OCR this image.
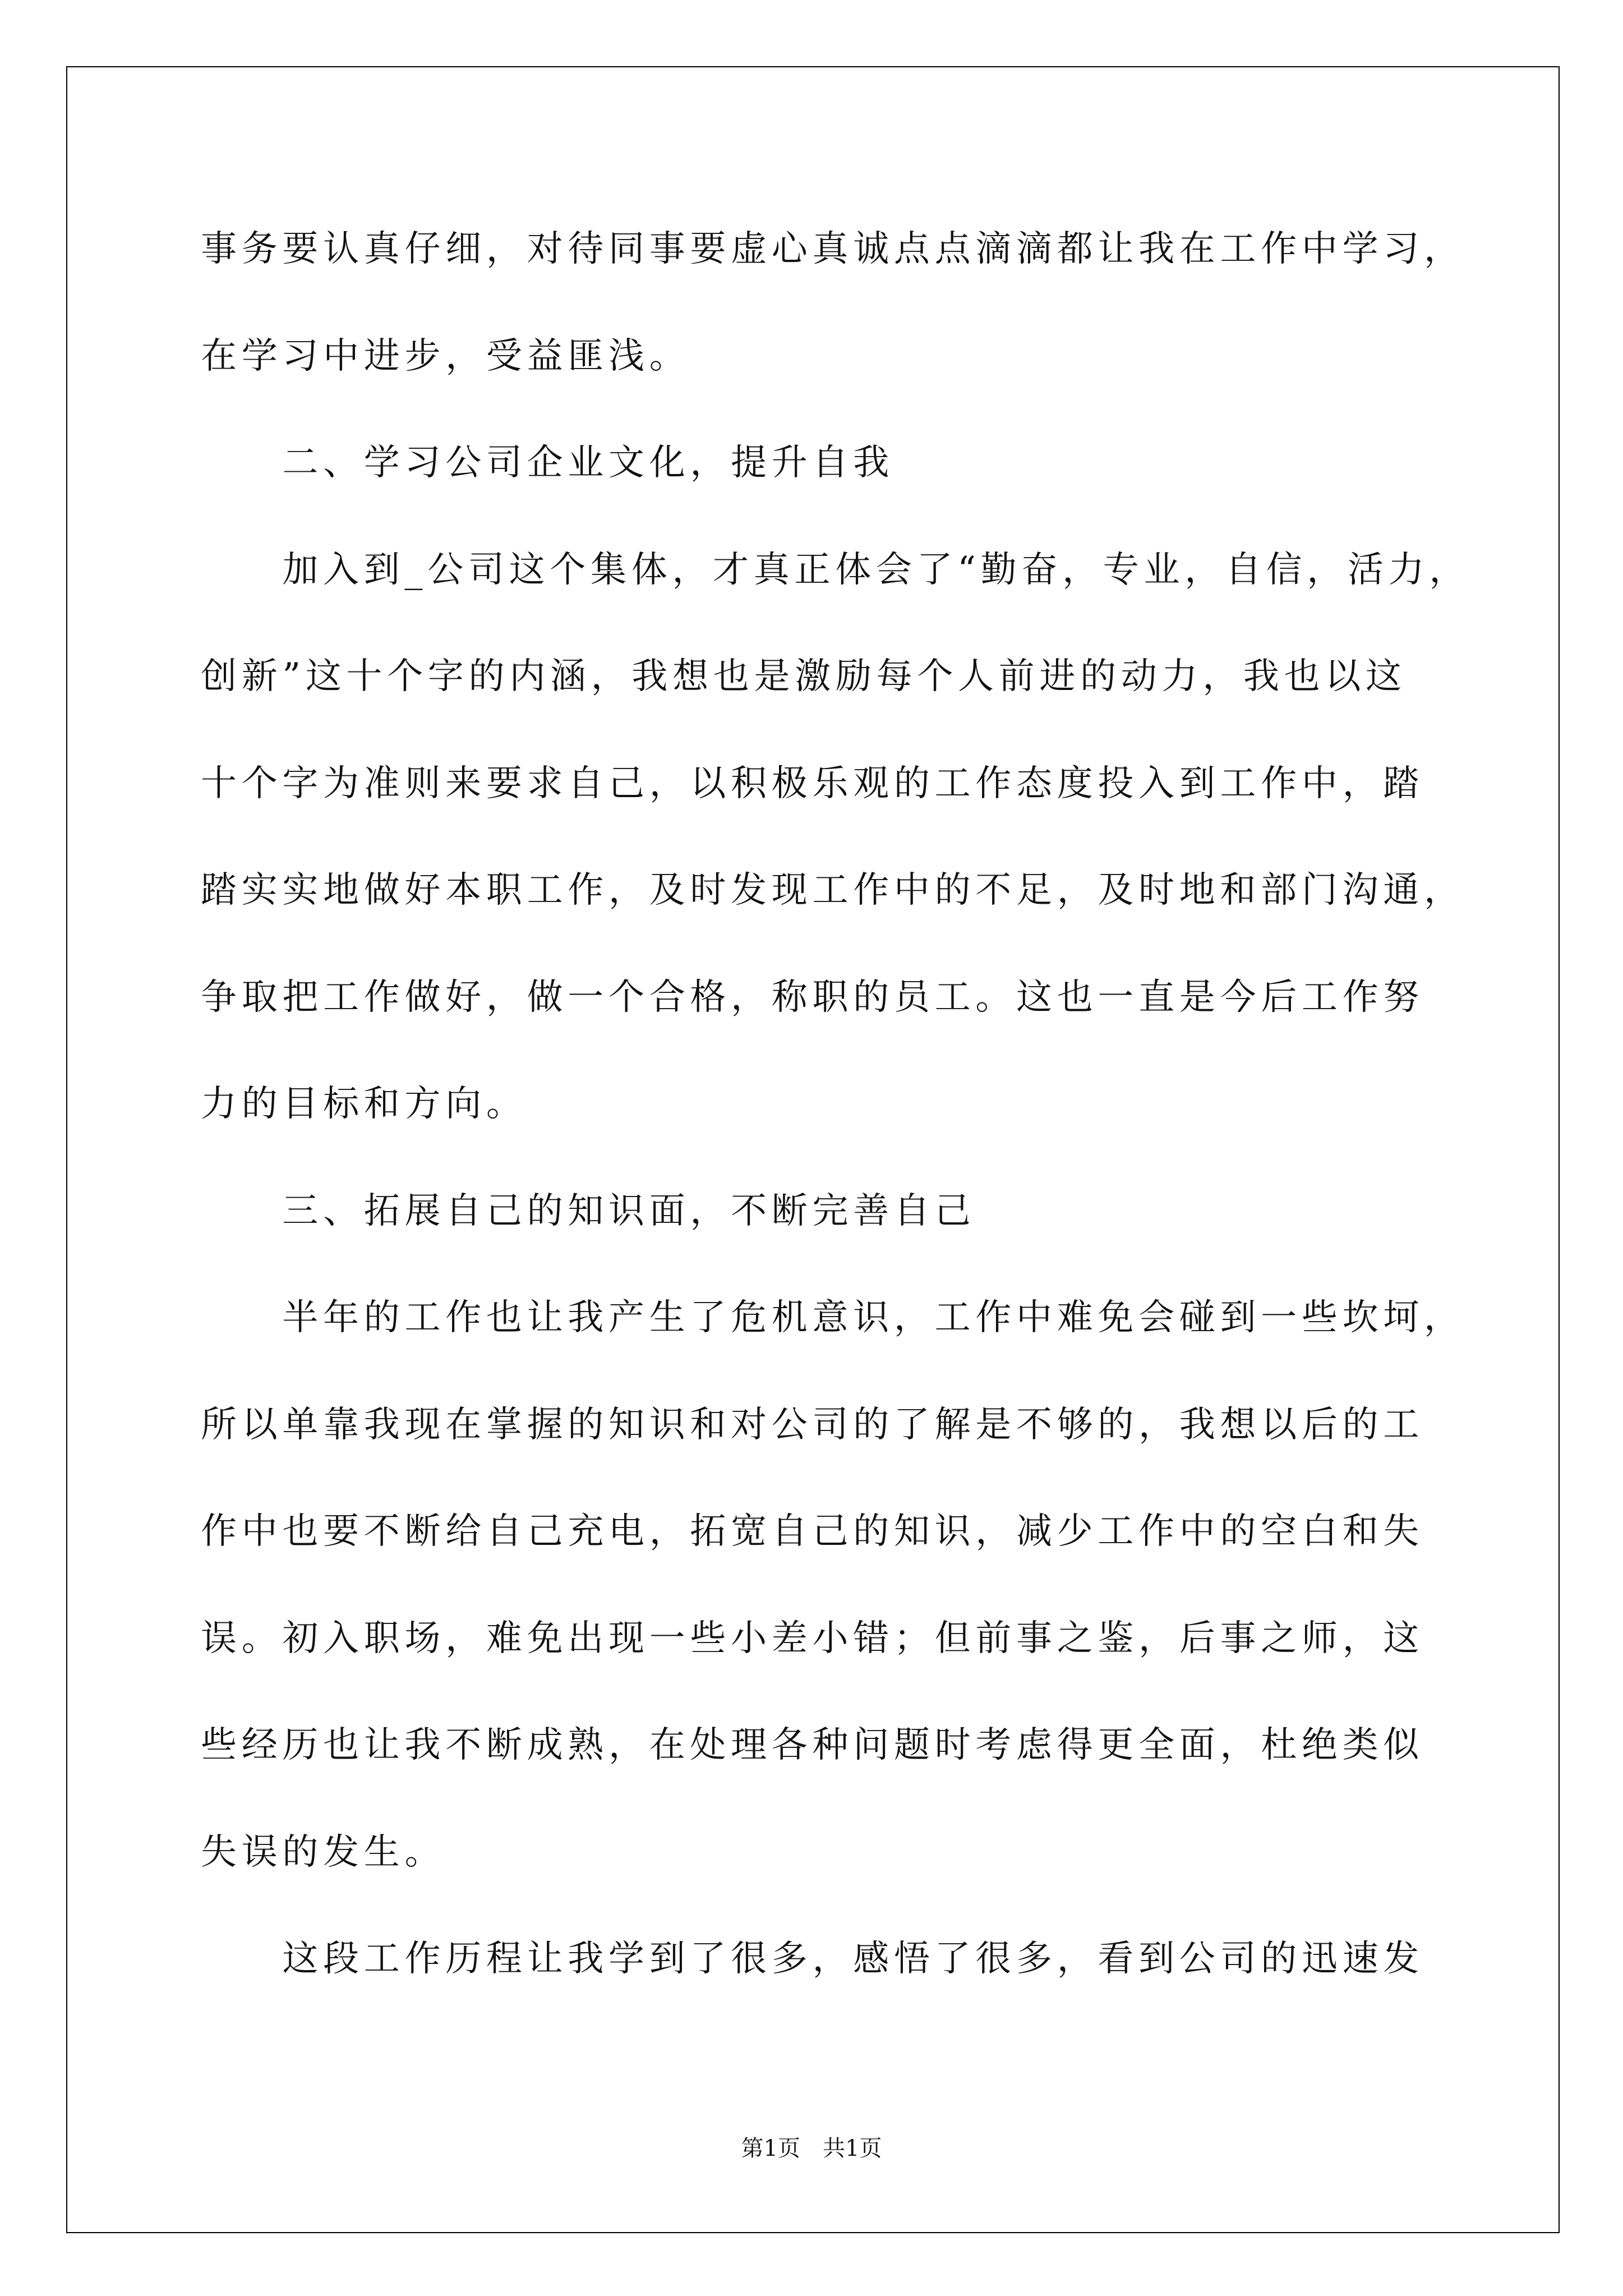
事务要认真仔细，对待同事要虚心真诚点点滴滴都让我在工作中学习，
在学习中进步，受益匪浅。
二、学习公司企业文化，提升自我
加入到_公司这个集体，才真正体会了“勤奋，专业，自信，活力，
创新”这十个字的内涵，我想也是激励每个人前进的动力，我也以这
十个字为准则来要求自己，以积极乐观的工作态度投入到工作中，踏
踏实实地做好本职工作，及时发现工作中的不足，及时地和部门沟通，
争取把工作做好，做一个合格，称职的员工。这也一直是今后工作努
力的目标和方向。
三、拓展自己的知识面，不断完善自己
半年的工作也让我产生了危机意识，工作中难免会碰到一些坎坷，
所以单靠我现在掌握的知识和对公司的了解是不够的，我想以后的工
作中也要不断给自己充电，拓宽自己的知识，减少工作中的空白和失
误。初入职场，难免出现一些小差小错；但前事之鉴，后事之师，这
些经历也让我不断成熟，在处理各种问题时考虑得更全面，杜绝类似
失误的发生。
这段工作历程让我学到了很多，感悟了很多，看到公司的迅速发
第1页　共1页
